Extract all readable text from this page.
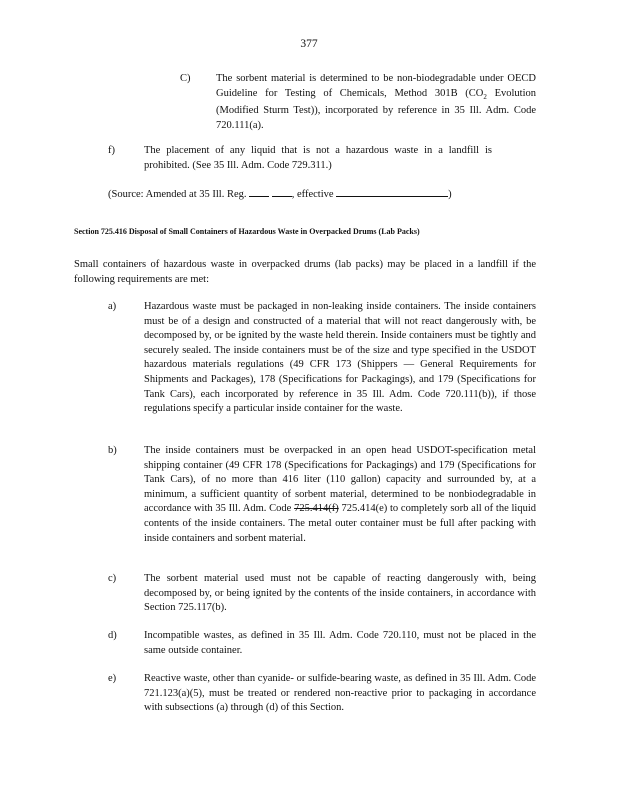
377
C) The sorbent material is determined to be non-biodegradable under OECD Guideline for Testing of Chemicals, Method 301B ($CO_2$ Evolution (Modified Sturm Test)), incorporated by reference in 35 Ill. Adm. Code 720.111(a).

f)	The placement of any liquid that is not a hazardous waste in a landfill is prohibited. (See 35 Ill. Adm. Code 729.311.)

(Source: Amended at 35 Ill. Reg.	, effective	)

Section 725.416 Disposal of Small Containers of Hazardous Waste in Overpacked Drums (Lab Packs)

Small containers of hazardous waste in overpacked drums (lab packs) may be placed in a landfill if the following requirements are met:

a)	Hazardous waste must be packaged in non-leaking inside containers. The inside containers must be of a design and constructed of a material that will not react dangerously with, be decomposed by, or be ignited by the waste held therein. Inside containers must be tightly and securely sealed. The inside containers must be of the size and type specified in the USDOT hazardous materials regulations (49 CFR 173 (Shippers — General Requirements for Shipments and Packages), 178 (Specifications for Packagings), and 179 (Specifications for Tank Cars), each incorporated by reference in 35 Ill. Adm. Code 720.111(b)), if those regulations specify a particular inside container for the waste.

b)	The inside containers must be overpacked in an open head USDOT-specification metal shipping container (49 CFR 178 (Specifications for Packagings) and 179 (Specifications for Tank Cars), of no more than 416 liter (110 gallon) capacity and surrounded by, at a minimum, a sufficient quantity of sorbent material, determined to be nonbiodegradable in accordance with 35 Ill. Adm. Code 725.414(f) 725.414(e) to completely sorb all of the liquid contents of the inside containers. The metal outer container must be full after packing with inside containers and sorbent material.

c)	The sorbent material used must not be capable of reacting dangerously with, being decomposed by, or being ignited by the contents of the inside containers, in accordance with Section 725.117(b).

d)	Incompatible wastes, as defined in 35 Ill. Adm. Code 720.110, must not be placed in the same outside container.

e)	Reactive waste, other than cyanide- or sulfide-bearing waste, as defined in 35 Ill. Adm. Code 721.123(a)(5), must be treated or rendered non-reactive prior to packaging in accordance with subsections (a) through (d) of this Section.
